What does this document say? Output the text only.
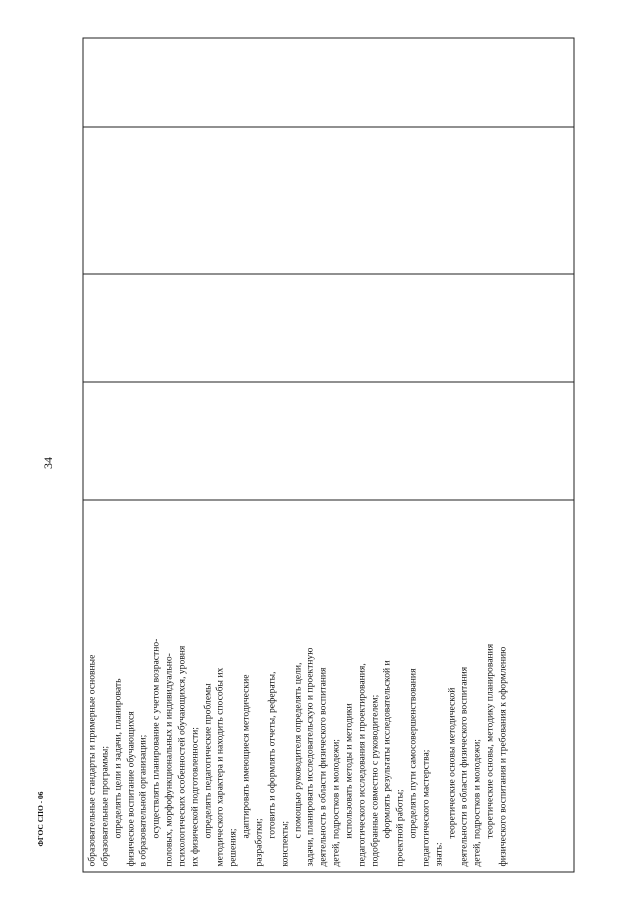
34
образовательные стандарты и примерные основные образовательные программы; определять цели и задачи, планировать физическое воспитание обучающихся в образовательной организации; осуществлять планирование с учетом возрастно- половых, морфофункциональных и индивидуально- психологических особенностей обучающихся, уровня их физической подготовленности; определять педагогические проблемы методического характера и находить способы их решения;
адаптировать имеющиеся методические
разработки;
готовить и оформлять отчеты, рефераты,
конспекты;
с помощью руководителя определять цели, задачи, планировать исследовательскую и проектную деятельность в области физического воспитания детей, подростков и молодежи; использовать методы и методики педагогического исследования и проектирования, подобранные совместно с руководителем; оформлять результаты исследовательской и проектной работы; определять пути самосовершенствования педагогического мастерства; знать:
теоретические основы методической деятельности в области физического воспитания детей, подростков и молодежи; теоретические основы, методику планирования физического воспитания и требования к оформлению
ФГОС СПО - 06
